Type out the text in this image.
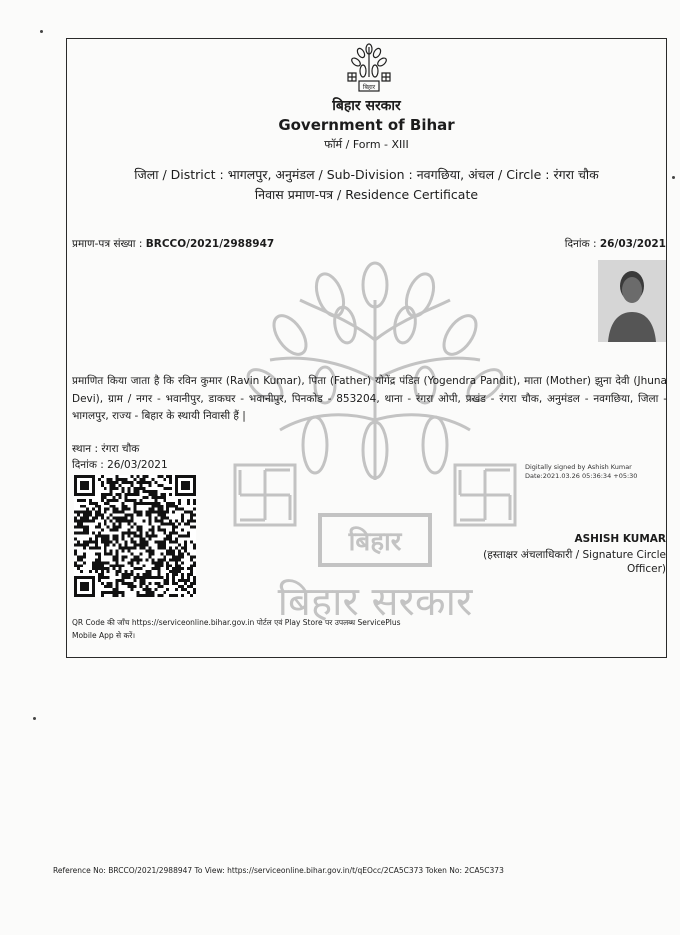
बिहार
बिहार सरकार
बिहार
बिहार सरकार
Government of Bihar
फॉर्म / Form - XIII
जिला / District : भागलपुर, अनुमंडल / Sub-Division : नवगछिया, अंचल / Circle : रंगरा चौक
निवास प्रमाण-पत्र / Residence Certificate
प्रमाण-पत्र संख्या : BRCCO/2021/2988947	दिनांक : 26/03/2021
प्रमाणित किया जाता है कि रविन कुमार (Ravin Kumar), पिता (Father) योगेंद्र पंडित (Yogendra Pandit), माता (Mother) झुना देवी (Jhuna Devi), ग्राम / नगर - भवानीपुर, डाकघर - भवानीपुर, पिनकोड - 853204, थाना - रंगरा ओपी, प्रखंड - रंगरा चौक, अनुमंडल - नवगछिया, जिला - भागलपुर, राज्य - बिहार के स्थायी निवासी हैं |
स्थान : रंगरा चौक
दिनांक : 26/03/2021	Digitally signed by Ashish Kumar
Date:2021.03.26 05:36:34 +05:30
ASHISH KUMAR
(हस्ताक्षर अंचलाधिकारी / Signature Circle
Officer)
QR Code की जाँच https://serviceonline.bihar.gov.in पोर्टल एवं Play Store पर उपलब्ध ServicePlus
Mobile App से करें।
Reference No: BRCCO/2021/2988947 To View: https://serviceonline.bihar.gov.in/t/qEOcc/2CA5C373 Token No: 2CA5C373
